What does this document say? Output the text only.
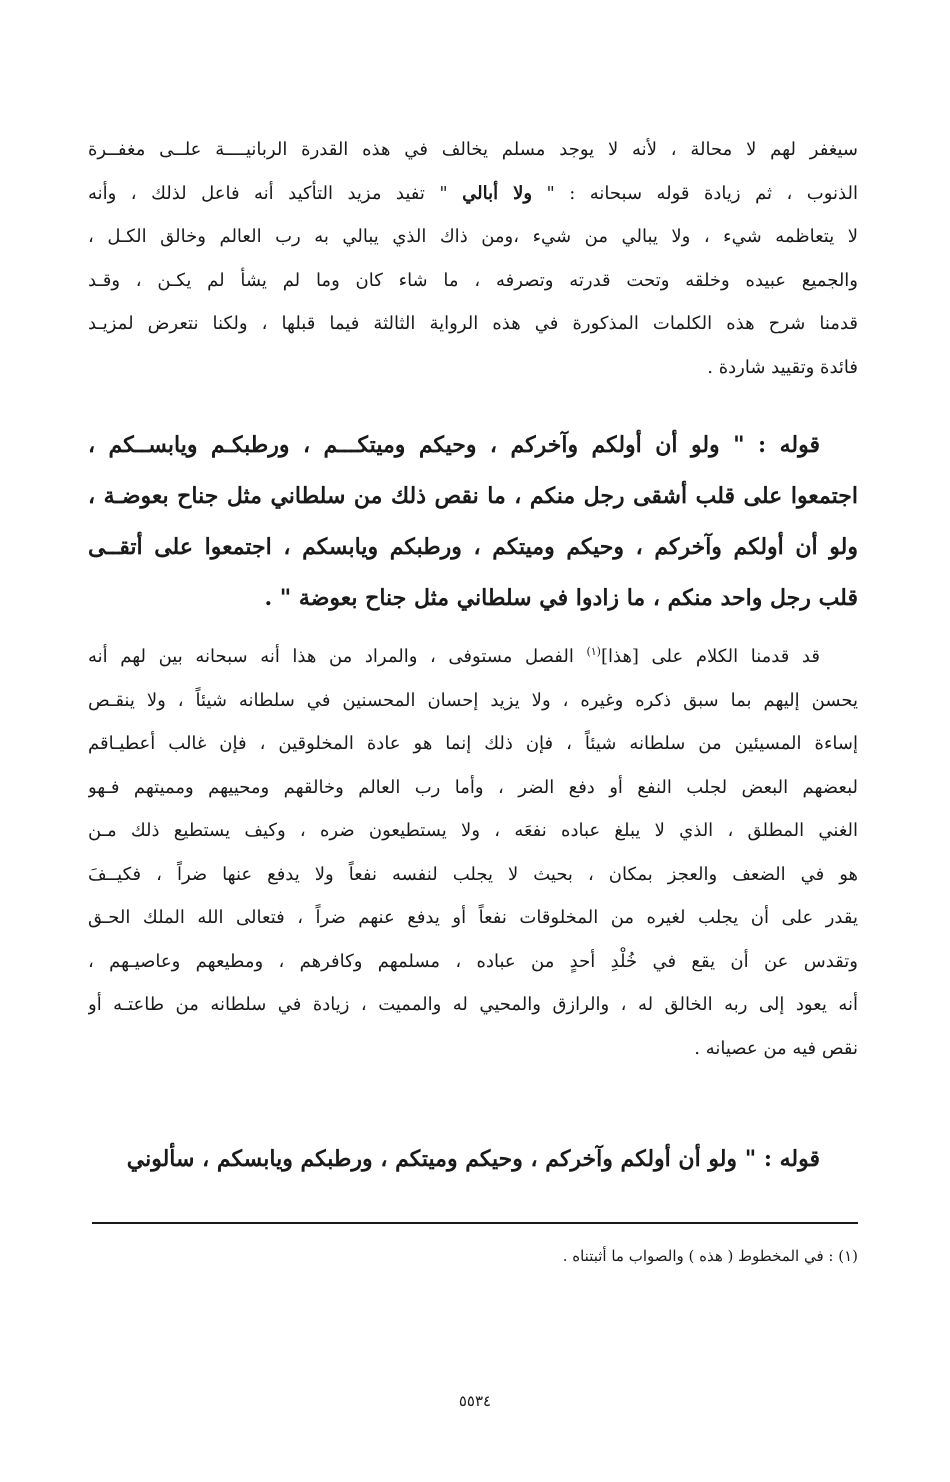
سيغفر لهم لا محالة ، لأنه لا يوجد مسلم يخالف في هذه القدرة الربانيــــة علــى مغفــرة
الذنوب ، ثم زيادة قوله سبحانه : " ولا أبالي " تفيد مزيد التأكيد أنه فاعل لذلك ، وأنه
لا يتعاظمه شيء ، ولا يبالي من شيء ،ومن ذاك الذي يبالي به رب العالم وخالق الكـل ،
والجميع عبيده وخلقه وتحت قدرته وتصرفه ، ما شاء كان وما لم يشأ لم يكـن ، وقـد
قدمنا شرح هذه الكلمات المذكورة في هذه الرواية الثالثة فيما قبلها ، ولكنا نتعرض لمزيـد
فائدة وتقييد شاردة .
قوله : " ولو أن أولكم وآخركم ، وحيكم وميتكـــم ، ورطبكـم ويابســكم ،
اجتمعوا على قلب أشقى رجل منكم ، ما نقص ذلك من سلطاني مثل جناح بعوضـة ،
ولو أن أولكم وآخركم ، وحيكم وميتكم ، ورطبكم ويابسكم ، اجتمعوا على أتقــى
قلب رجل واحد منكم ، ما زادوا في سلطاني مثل جناح بعوضة " .
قد قدمنا الكلام على [هذا]$^{(١)}$ الفصل مستوفى ، والمراد من هذا أنه سبحانه بين لهم أنه
يحسن إليهم بما سبق ذكره وغيره ، ولا يزيد إحسان المحسنين في سلطانه شيئاً ، ولا ينقـص
إساءة المسيئين من سلطانه شيئاً ، فإن ذلك إنما هو عادة المخلوقين ، فإن غالب أعطيـاقم
لبعضهم البعض لجلب النفع أو دفع الضر ، وأما رب العالم وخالقهم ومحييهم ومميتهم فـهو
الغني المطلق ، الذي لا يبلغ عباده نفعَه ، ولا يستطيعون ضره ، وكيف يستطيع ذلك مـن
هو في الضعف والعجز بمكان ، بحيث لا يجلب لنفسه نفعاً ولا يدفع عنها ضراً ، فكيــفَ
يقدر على أن يجلب لغيره من المخلوقات نفعاً أو يدفع عنهم ضراً ، فتعالى الله الملك الحـق
وتقدس عن أن يقع في خُلْدِ أحدٍ من عباده ، مسلمهم وكافرهم ، ومطيعهم وعاصيـهم ،
أنه يعود إلى ربه الخالق له ، والرازق والمحيي له والمميت ، زيادة في سلطانه من طاعتـه أو
نقص فيه من عصيانه .
قوله : " ولو أن أولكم وآخركم ، وحيكم وميتكم ، ورطبكم ويابسكم ، سألوني
(١) : في المخطوط ( هذه ) والصواب ما أثبتناه .
٥٥٣٤
